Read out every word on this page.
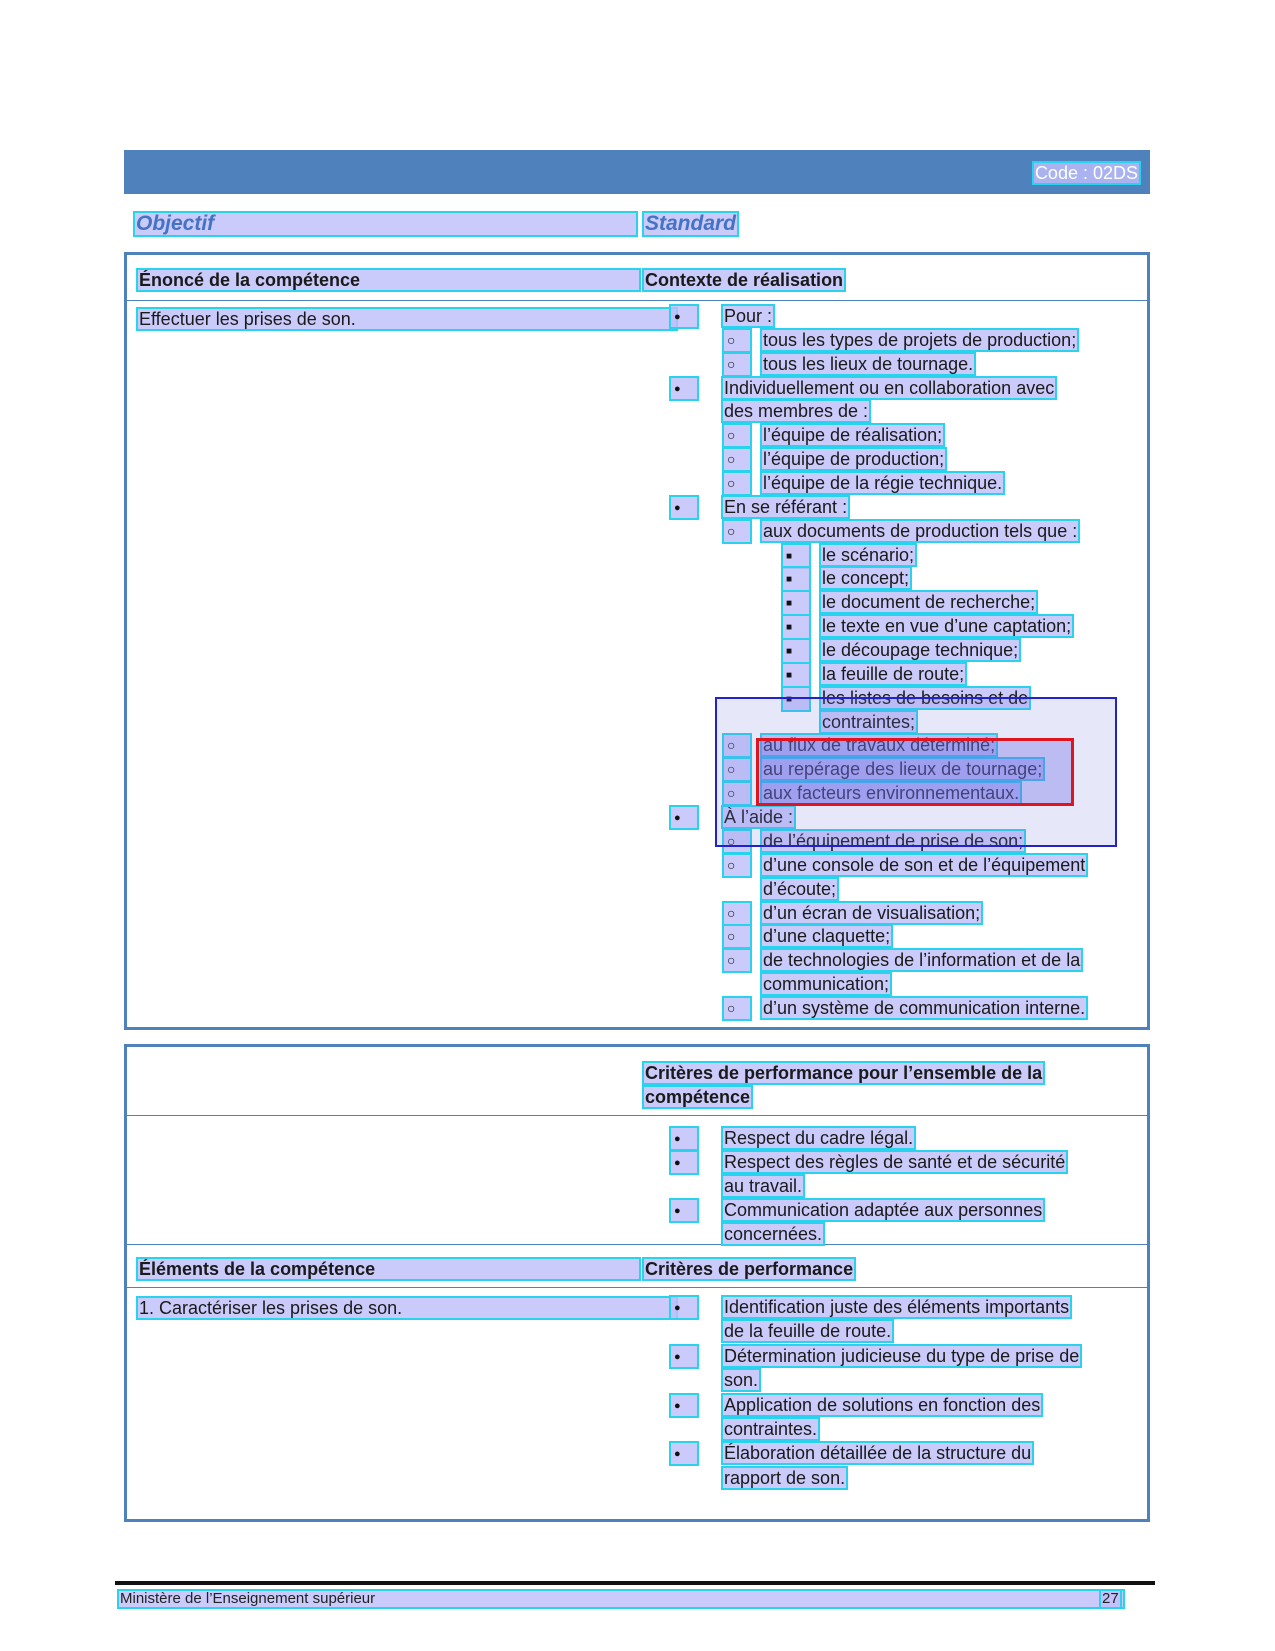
Code : 02DS
Objectif	Standard
Énoncé de la compétence	Contexte de réalisation
Effectuer les prises de son. ●	Pour :
○
tous les types de projets de production;
○
tous les lieux de tournage.
●
Individuellement ou en collaboration avec
des membres de :
○
l’équipe de réalisation;
○
l’équipe de production;
○
l’équipe de la régie technique.
●
En se référant :
○
aux documents de production tels que :
■
le scénario;
■
le concept;
■
le document de recherche;
■
le texte en vue d’une captation;
■
le découpage technique;
■
la feuille de route;
■
les listes de besoins et de
contraintes;
○
au flux de travaux déterminé;
○
au repérage des lieux de tournage;
○
aux facteurs environnementaux.
●
À l’aide :
○
de l’équipement de prise de son;
○
d’une console de son et de l’équipement
d’écoute;
○
d’un écran de visualisation;
○
d’une claquette;
○
de technologies de l’information et de la
communication;
○
d’un système de communication interne.
Critères de performance pour l’ensemble de la
compétence
●
Respect du cadre légal.
●
Respect des règles de santé et de sécurité
au travail.
●
Communication adaptée aux personnes
concernées.
Éléments de la compétence	Critères de performance
1. Caractériser les prises de son. ●	Identification juste des éléments importants
de la feuille de route.
●
Détermination judicieuse du type de prise de
son.
●
Application de solutions en fonction des
contraintes.
●
Élaboration détaillée de la structure du
rapport de son.
Ministère de l’Enseignement supérieur	27
